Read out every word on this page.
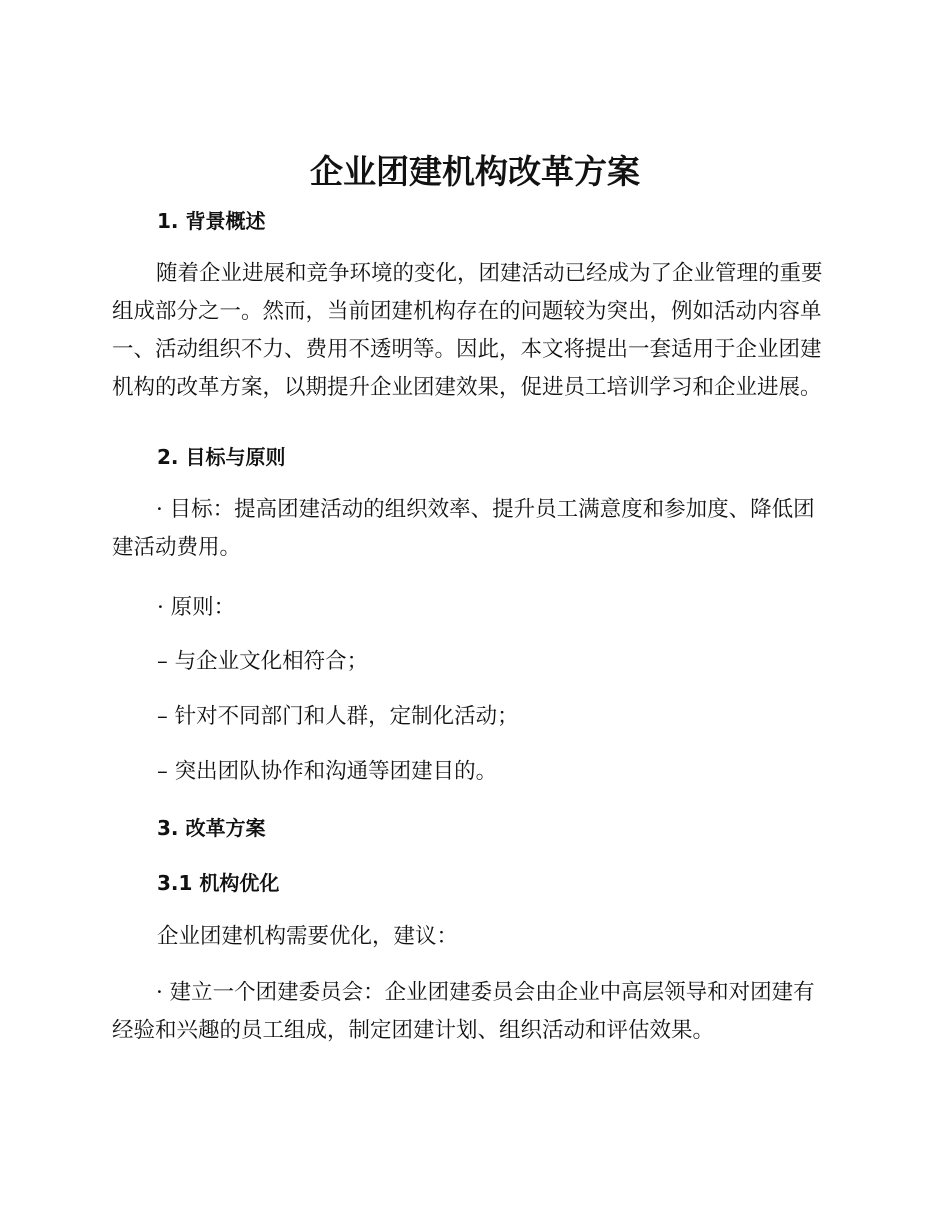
企业团建机构改革方案
1. 背景概述
随着企业进展和竞争环境的变化，团建活动已经成为了企业管理的重要
组成部分之一。然而，当前团建机构存在的问题较为突出，例如活动内容单
一、活动组织不力、费用不透明等。因此，本文将提出一套适用于企业团建
机构的改革方案，以期提升企业团建效果，促进员工培训学习和企业进展。
2. 目标与原则
· 目标：提高团建活动的组织效率、提升员工满意度和参加度、降低团
建活动费用。

· 原则：

– 与企业文化相符合；

– 针对不同部门和人群，定制化活动；

– 突出团队协作和沟通等团建目的。

3. 改革方案
3.1 机构优化

企业团建机构需要优化，建议：

· 建立一个团建委员会：企业团建委员会由企业中高层领导和对团建有
经验和兴趣的员工组成，制定团建计划、组织活动和评估效果。
